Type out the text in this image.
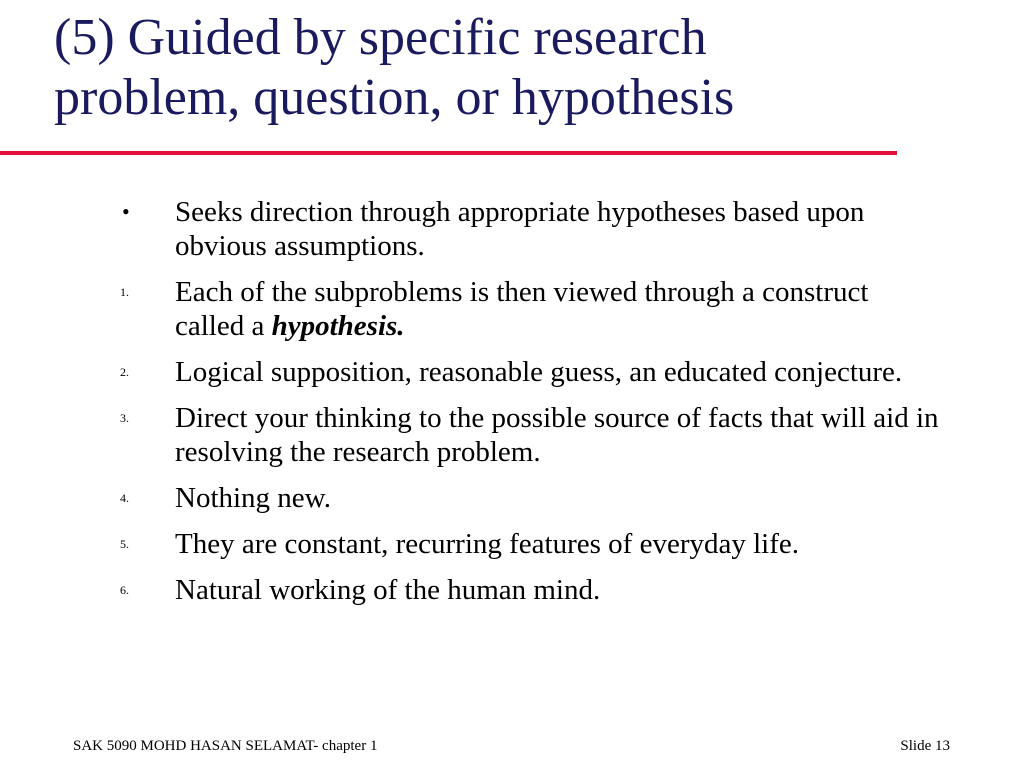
(5) Guided by specific research
problem, question, or hypothesis
• Seeks direction through appropriate hypotheses based upon obvious assumptions.
1. Each of the subproblems is then viewed through a construct called a hypothesis.
2. Logical supposition, reasonable guess, an educated conjecture.
3. Direct your thinking to the possible source of facts that will aid in resolving the research problem.
4. Nothing new.
5. They are constant, recurring features of everyday life.
6. Natural working of the human mind.
SAK 5090 MOHD HASAN SELAMAT- chapter 1	Slide 13
